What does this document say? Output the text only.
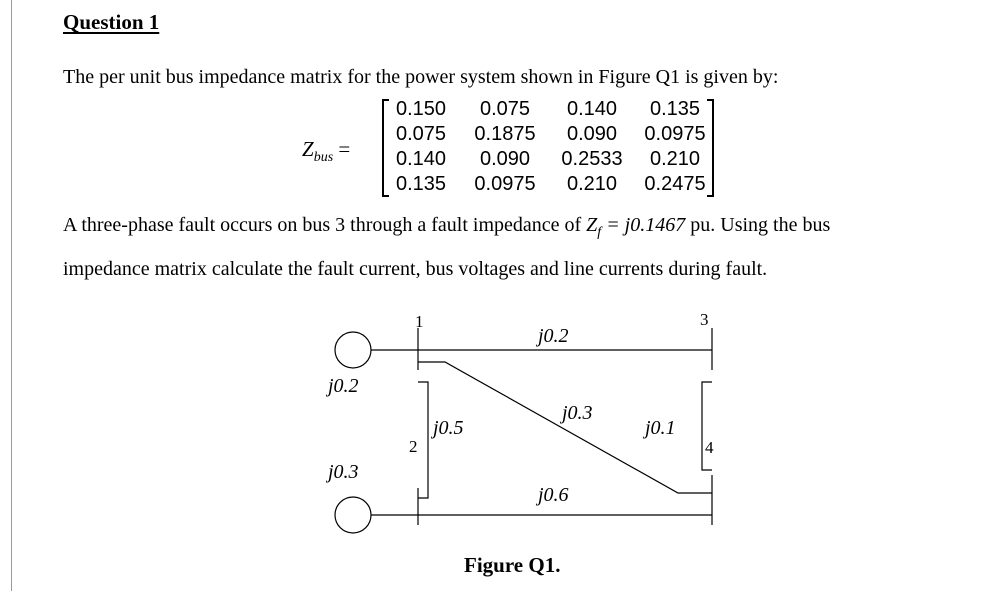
Question 1
The per unit bus impedance matrix for the power system shown in Figure Q1 is given by:
$Z_{bus}$ =
0.150 0.075 0.140 0.135
0.075 0.1875 0.090 0.0975
0.140 0.090 0.2533 0.210
0.135 0.0975 0.210 0.2475
A three-phase fault occurs on bus 3 through a fault impedance of $Z_f = j0.1467$ pu. Using the bus
impedance matrix calculate the fault current, bus voltages and line currents during fault.
j0.2
j0.3
j0.2
j0.5
j0.3
j0.6
j0.1
1
2
3
4
Figure Q1.
